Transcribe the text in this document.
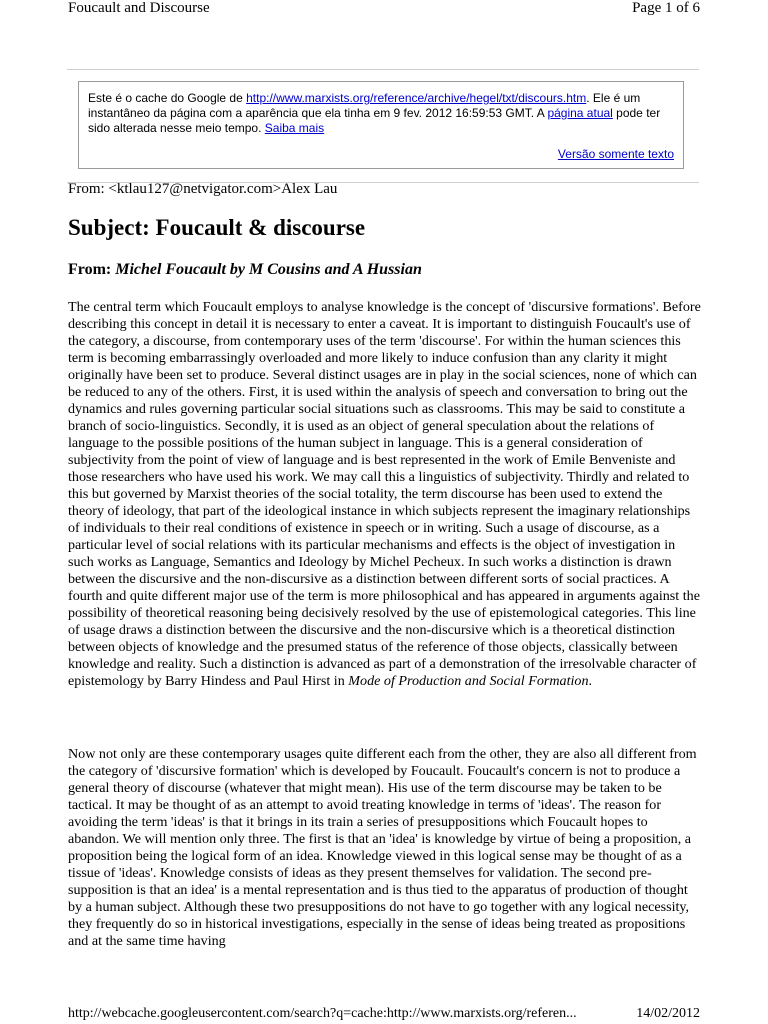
Foucault and Discourse	Page 1 of 6
Este é o cache do Google de http://www.marxists.org/reference/archive/hegel/txt/discours.htm. Ele é um instantâneo da página com a aparência que ela tinha em 9 fev. 2012 16:59:53 GMT. A página atual pode ter sido alterada nesse meio tempo. Saiba mais
Versão somente texto
From: <ktlau127@netvigator.com>Alex Lau
Subject: Foucault & discourse
From: Michel Foucault by M Cousins and A Hussian

The central term which Foucault employs to analyse knowledge is the concept of 'discursive formations'. Before describing this concept in detail it is necessary to enter a caveat. It is important to distinguish Foucault's use of the category, a discourse, from contemporary uses of the term 'discourse'. For within the human sciences this term is becoming embarrassingly overloaded and more likely to induce confusion than any clarity it might originally have been set to produce. Several distinct usages are in play in the social sciences, none of which can be reduced to any of the others. First, it is used within the analysis of speech and conversation to bring out the dynamics and rules governing particular social situations such as classrooms. This may be said to constitute a branch of socio-linguistics. Secondly, it is used as an object of general speculation about the relations of language to the possible positions of the human subject in language. This is a general consideration of subjectivity from the point of view of language and is best represented in the work of Emile Benveniste and those researchers who have used his work. We may call this a linguistics of subjectivity. Thirdly and related to this but governed by Marxist theories of the social totality, the term discourse has been used to extend the theory of ideology, that part of the ideological instance in which subjects represent the imaginary relationships of individuals to their real conditions of existence in speech or in writing. Such a usage of discourse, as a particular level of social relations with its particular mechanisms and effects is the object of investigation in such works as Language, Semantics and Ideology by Michel Pecheux. In such works a distinction is drawn between the discursive and the non-discursive as a distinction between different sorts of social practices. A fourth and quite different major use of the term is more philosophical and has appeared in arguments against the possibility of theoretical reasoning being decisively resolved by the use of epistemological categories. This line of usage draws a distinction between the discursive and the non-discursive which is a theoretical distinction between objects of knowledge and the presumed status of the reference of those objects, classically between knowledge and reality. Such a distinction is advanced as part of a demonstration of the irresolvable character of epistemology by Barry Hindess and Paul Hirst in Mode of Production and Social Formation.

Now not only are these contemporary usages quite different each from the other, they are also all different from the category of 'discursive formation' which is developed by Foucault. Foucault's concern is not to produce a general theory of discourse (whatever that might mean). His use of the term discourse may be taken to be tactical. It may be thought of as an attempt to avoid treating knowledge in terms of 'ideas'. The reason for avoiding the term 'ideas' is that it brings in its train a series of presuppositions which Foucault hopes to abandon. We will mention only three. The first is that an 'idea' is knowledge by virtue of being a proposition, a proposition being the logical form of an idea. Knowledge viewed in this logical sense may be thought of as a tissue of 'ideas'. Knowledge consists of ideas as they present themselves for validation. The second pre-supposition is that an idea' is a mental representation and is thus tied to the apparatus of production of thought by a human subject. Although these two presuppositions do not have to go together with any logical necessity, they frequently do so in historical investigations, especially in the sense of ideas being treated as propositions and at the same time having

http://webcache.googleusercontent.com/search?q=cache:http://www.marxists.org/referen...	14/02/2012
